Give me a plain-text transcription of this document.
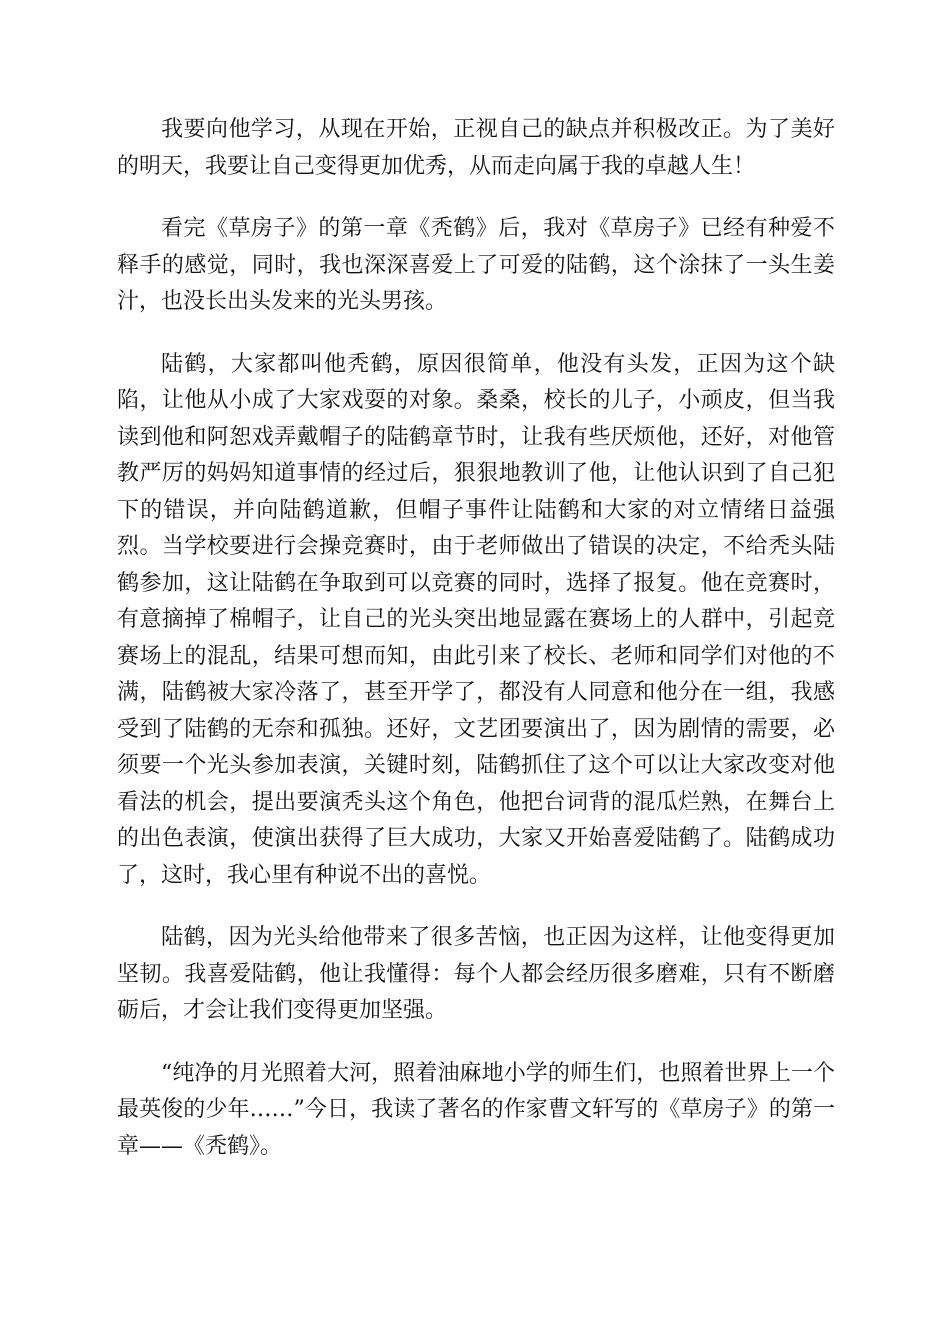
我要向他学习，从现在开始，正视自己的缺点并积极改正。为了美好的明天，我要让自己变得更加优秀，从而走向属于我的卓越人生！

看完《草房子》的第一章《秃鹤》后，我对《草房子》已经有种爱不释手的感觉，同时，我也深深喜爱上了可爱的陆鹤，这个涂抹了一头生姜汁，也没长出头发来的光头男孩。

陆鹤，大家都叫他秃鹤，原因很简单，他没有头发，正因为这个缺陷，让他从小成了大家戏耍的对象。桑桑，校长的儿子，小顽皮，但当我读到他和阿恕戏弄戴帽子的陆鹤章节时，让我有些厌烦他，还好，对他管教严厉的妈妈知道事情的经过后，狠狠地教训了他，让他认识到了自己犯下的错误，并向陆鹤道歉，但帽子事件让陆鹤和大家的对立情绪日益强烈。当学校要进行会操竞赛时，由于老师做出了错误的决定，不给秃头陆鹤参加，这让陆鹤在争取到可以竞赛的同时，选择了报复。他在竞赛时，有意摘掉了棉帽子，让自己的光头突出地显露在赛场上的人群中，引起竞赛场上的混乱，结果可想而知，由此引来了校长、老师和同学们对他的不满，陆鹤被大家冷落了，甚至开学了，都没有人同意和他分在一组，我感受到了陆鹤的无奈和孤独。还好，文艺团要演出了，因为剧情的需要，必须要一个光头参加表演，关键时刻，陆鹤抓住了这个可以让大家改变对他看法的机会，提出要演秃头这个角色，他把台词背的混瓜烂熟，在舞台上的出色表演，使演出获得了巨大成功，大家又开始喜爱陆鹤了。陆鹤成功了，这时，我心里有种说不出的喜悦。

陆鹤，因为光头给他带来了很多苦恼，也正因为这样，让他变得更加坚韧。我喜爱陆鹤，他让我懂得：每个人都会经历很多磨难，只有不断磨砺后，才会让我们变得更加坚强。

“纯净的月光照着大河，照着油麻地小学的师生们，也照着世界上一个最英俊的少年……”今日，我读了著名的作家曹文轩写的《草房子》的第一章——《秃鹤》。
